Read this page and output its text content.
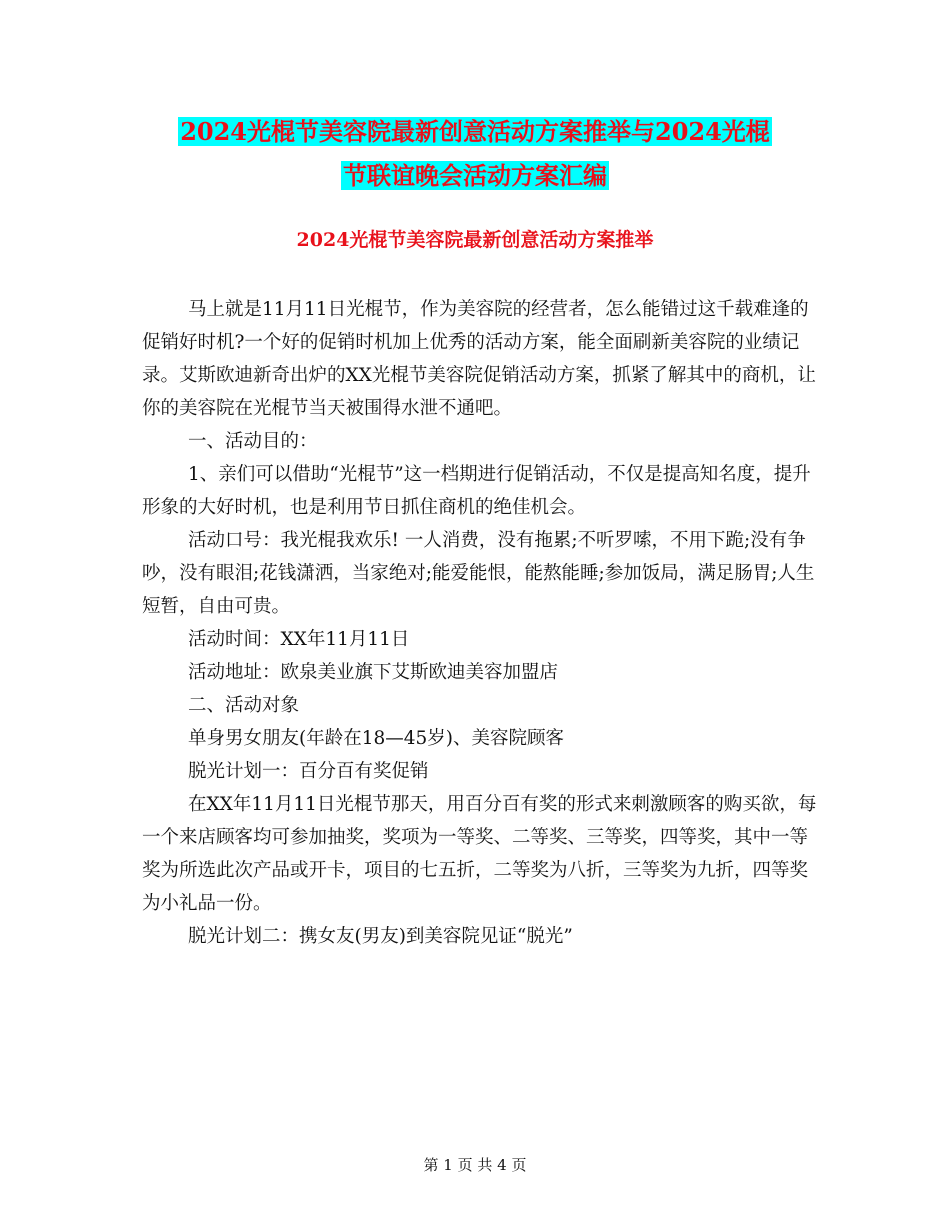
2024光棍节美容院最新创意活动方案推举与2024光棍
节联谊晚会活动方案汇编
2024光棍节美容院最新创意活动方案推举

马上就是11月11日光棍节，作为美容院的经营者，怎么能错过这千载难逢的促销好时机?一个好的促销时机加上优秀的活动方案，能全面刷新美容院的业绩记录。艾斯欧迪新奇出炉的XX光棍节美容院促销活动方案，抓紧了解其中的商机，让你的美容院在光棍节当天被围得水泄不通吧。

一、活动目的：

1、亲们可以借助“光棍节”这一档期进行促销活动，不仅是提高知名度，提升形象的大好时机，也是利用节日抓住商机的绝佳机会。

活动口号：我光棍我欢乐! 一人消费，没有拖累;不听罗嗦，不用下跪;没有争吵，没有眼泪;花钱潇洒，当家绝对;能爱能恨，能熬能睡;参加饭局，满足肠胃;人生短暂，自由可贵。

活动时间：XX年11月11日

活动地址：欧泉美业旗下艾斯欧迪美容加盟店

二、活动对象

单身男女朋友(年龄在18—45岁)、美容院顾客

脱光计划一：百分百有奖促销

在XX年11月11日光棍节那天，用百分百有奖的形式来刺激顾客的购买欲，每一个来店顾客均可参加抽奖，奖项为一等奖、二等奖、三等奖，四等奖，其中一等奖为所选此次产品或开卡，项目的七五折，二等奖为八折，三等奖为九折，四等奖为小礼品一份。

脱光计划二：携女友(男友)到美容院见证“脱光”

第 1 页 共 4 页
